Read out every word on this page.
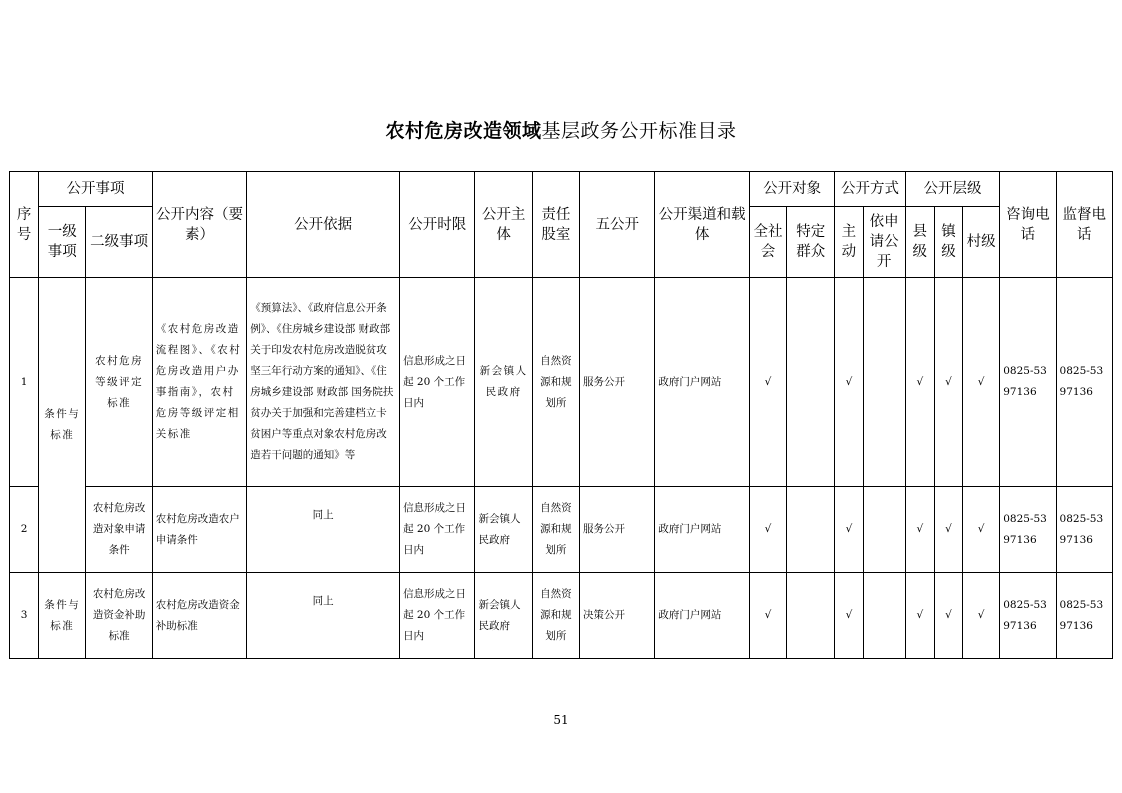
农村危房改造领域基层政务公开标准目录
序号	公开事项		公开内容（要素）	公开依据	公开时限	公开主体	责任股室	五公开	公开渠道和载体	公开对象		公开方式		公开层级			咨询电话	监督电话
	一级事项	二级事项								全社会	特定群众	主动	依申请公开	县级	镇级	村级		
1	条件与标准	农村危房等级评定标准	《农村危房改造流程图》、《农村危房改造用户办事指南》，农村危房等级评定相关标准	《预算法》、《政府信息公开条例》、《住房城乡建设部 财政部关于印发农村危房改造脱贫攻坚三年行动方案的通知》、《住房城乡建设部 财政部 国务院扶贫办关于加强和完善建档立卡贫困户等重点对象农村危房改造若干问题的通知》等	信息形成之日起 20 个工作日内	新会镇人民政府	自然资源和规划所	服务公开	政府门户网站	√		√		√	√	√	0825-5397136	0825-5397136
2		农村危房改造对象申请条件	农村危房改造农户申请条件	同上	信息形成之日起 20 个工作日内	新会镇人民政府	自然资源和规划所	服务公开	政府门户网站	√		√		√	√	√	0825-5397136	0825-5397136
3	条件与标准	农村危房改造资金补助标准	农村危房改造资金补助标准	同上	信息形成之日起 20 个工作日内	新会镇人民政府	自然资源和规划所	决策公开	政府门户网站	√		√		√	√	√	0825-5397136	0825-5397136
51
